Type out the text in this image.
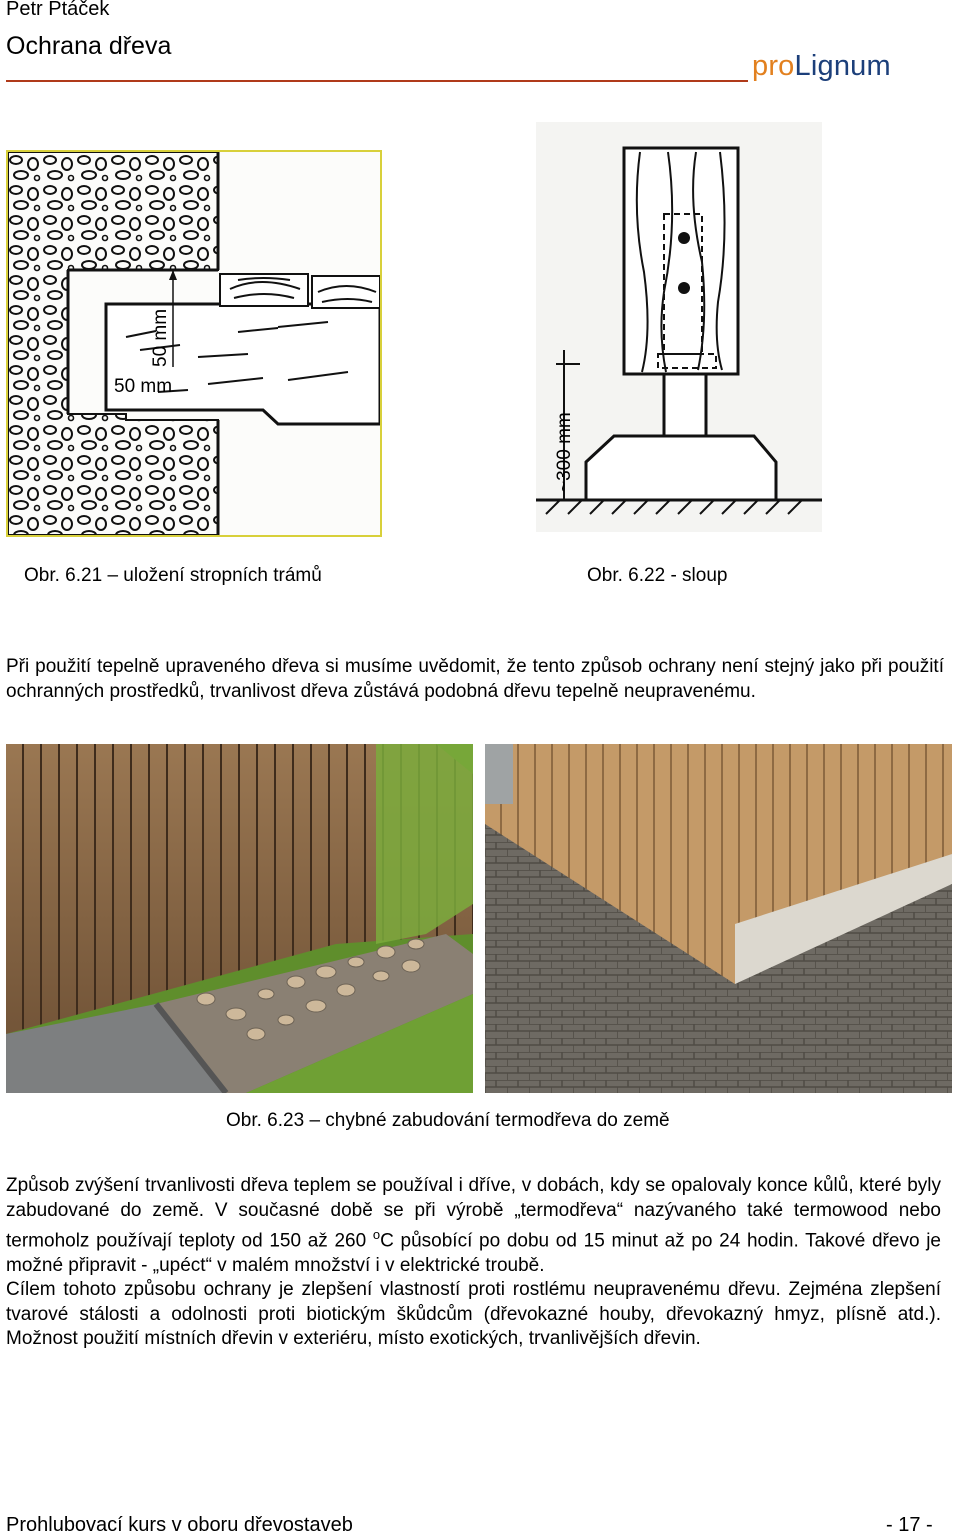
Petr Ptáček
Ochrana dřeva
proLignum
50 mm
50 mm
~300 mm
Obr. 6.21 – uložení stropních trámů	Obr. 6.22 - sloup
Při použití tepelně upraveného dřeva si musíme uvědomit, že tento způsob ochrany není stejný jako při použití ochranných prostředků, trvanlivost dřeva zůstává podobná dřevu tepelně neupravenému.
Obr. 6.23 – chybné zabudování termodřeva do země

Způsob zvýšení trvanlivosti dřeva teplem se používal i dříve, v dobách, kdy se opalovaly konce kůlů, které byly zabudované do země. V současné době se při výrobě „termodřeva“ nazývaného také termowood nebo termoholz používají teploty od 150 až 260 $^o$C působící po dobu od 15 minut až po 24 hodin. Takové dřevo je možné připravit - „upéct“ v malém množství i v elektrické troubě.

Cílem tohoto způsobu ochrany je zlepšení vlastností proti rostlému neupravenému dřevu. Zejména zlepšení tvarové stálosti a odolnosti proti biotickým škůdcům (dřevokazné houby, dřevokazný hmyz, plísně atd.). Možnost použití místních dřevin v exteriéru, místo exotických, trvanlivějších dřevin.

Prohlubovací kurs v oboru dřevostaveb	- 17 -
